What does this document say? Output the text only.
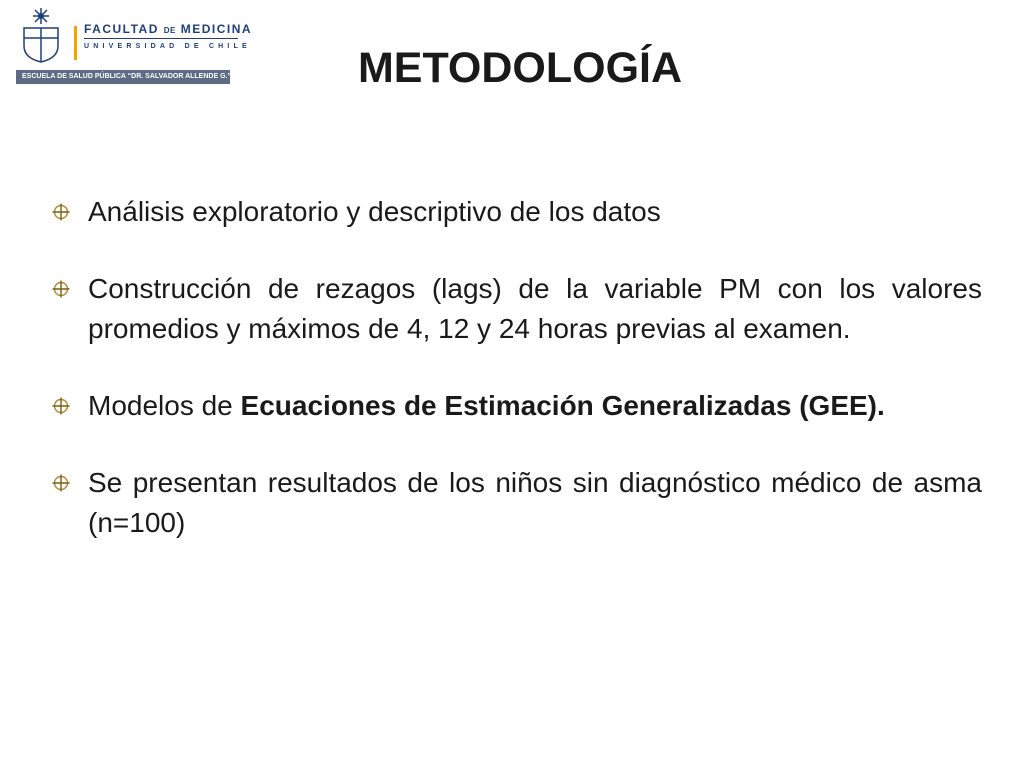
FACULTAD DE MEDICINA
UNIVERSIDAD DE CHILE
ESCUELA DE SALUD PÚBLICA “DR. SALVADOR ALLENDE G.”	METODOLOGÍA
Análisis exploratorio y descriptivo de los datos
Construcción de rezagos (lags) de la variable PM con los valores promedios y máximos de 4, 12 y 24 horas previas al examen.
Modelos de Ecuaciones de Estimación Generalizadas (GEE).
Se presentan resultados de los niños sin diagnóstico médico de asma (n=100)
